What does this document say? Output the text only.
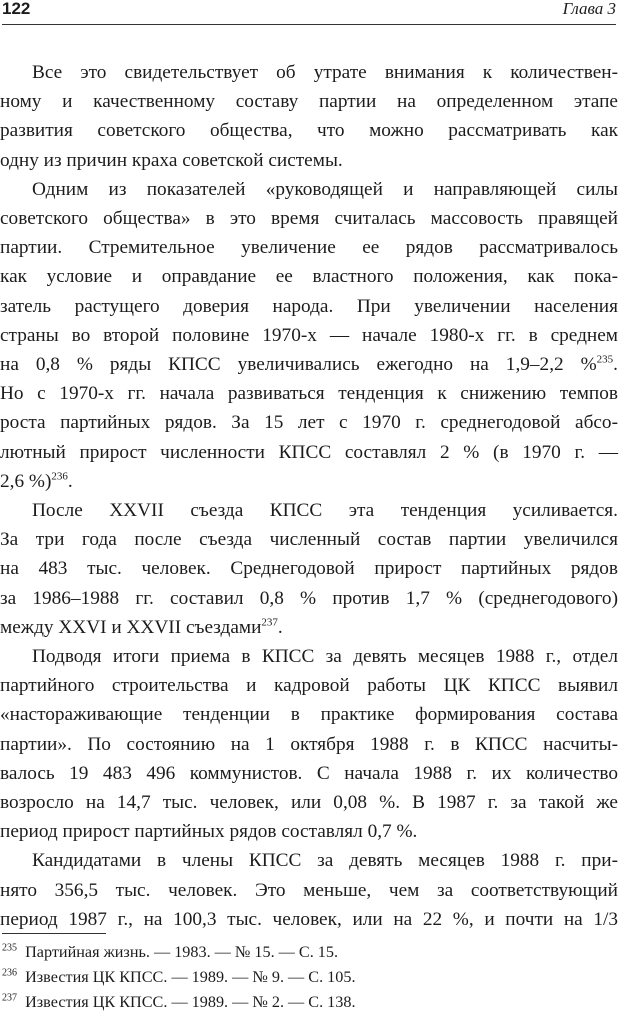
122	Глава 3

Все это свидетельствует об утрате внимания к количествен-
ному и качественному составу партии на определенном этапе
развития советского общества, что можно рассматривать как
одну из причин краха советской системы.

Одним из показателей «руководящей и направляющей силы
советского общества» в это время считалась массовость правящей
партии. Стремительное увеличение ее рядов рассматривалось
как условие и оправдание ее властного положения, как пока-
затель растущего доверия народа. При увеличении населения
страны во второй половине 1970-х — начале 1980-х гг. в среднем
на 0,8 % ряды КПСС увеличивались ежегодно на 1,9–2,2 %$^{235}$.
Но с 1970-х гг. начала развиваться тенденция к снижению темпов
роста партийных рядов. За 15 лет с 1970 г. среднегодовой абсо-
лютный прирост численности КПСС составлял 2 % (в 1970 г. —
2,6 %)$^{236}$.

После XXVII съезда КПСС эта тенденция усиливается.
За три года после съезда численный состав партии увеличился
на 483 тыс. человек. Среднегодовой прирост партийных рядов
за 1986–1988 гг. составил 0,8 % против 1,7 % (среднегодового)
между XXVI и XXVII съездами$^{237}$.

Подводя итоги приема в КПСС за девять месяцев 1988 г., отдел
партийного строительства и кадровой работы ЦК КПСС выявил
«настораживающие тенденции в практике формирования состава
партии». По состоянию на 1 октября 1988 г. в КПСС насчиты-
валось 19 483 496 коммунистов. С начала 1988 г. их количество
возросло на 14,7 тыс. человек, или 0,08 %. В 1987 г. за такой же
период прирост партийных рядов составлял 0,7 %.

Кандидатами в члены КПСС за девять месяцев 1988 г. при-
нято 356,5 тыс. человек. Это меньше, чем за соответствующий
период 1987 г., на 100,3 тыс. человек, или на 22 %, и почти на 1/3

$^{235}$ Партийная жизнь. — 1983. — № 15. — С. 15.
$^{236}$ Известия ЦК КПСС. — 1989. — № 9. — С. 105.
$^{237}$ Известия ЦК КПСС. — 1989. — № 2. — С. 138.
